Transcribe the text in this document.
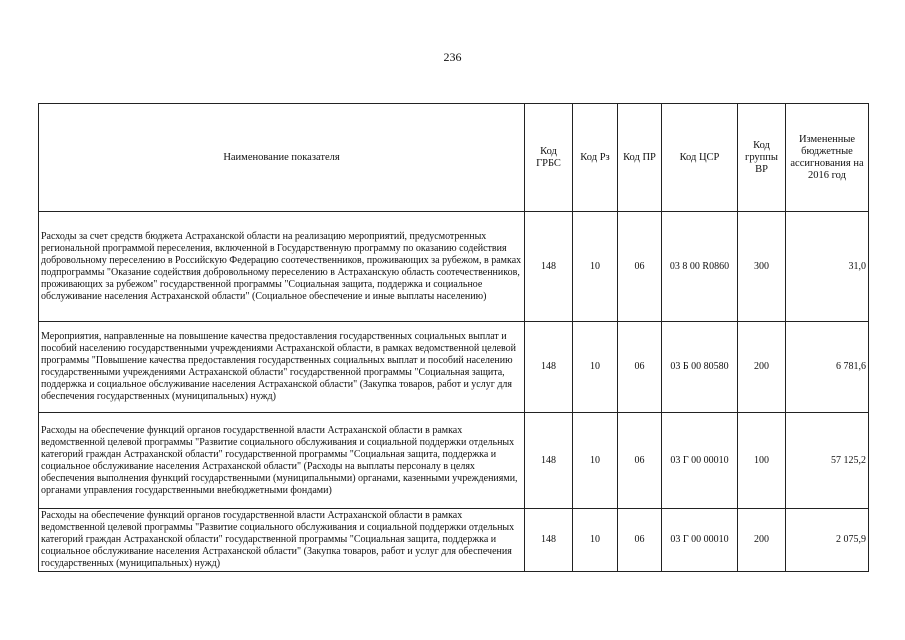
236
Наименование показателя	Код ГРБС	Код Рз	Код ПР	Код ЦСР	Код группы ВР	Измененные бюджетные ассигнования на 2016 год
Расходы за счет средств бюджета Астраханской области на реализацию мероприятий, предусмотренных региональной программой переселения, включенной в Государственную программу по оказанию содействия добровольному переселению в Российскую Федерацию соотечественников, проживающих за рубежом, в рамках подпрограммы "Оказание содействия добровольному переселению в Астраханскую область соотечественников, проживающих за рубежом" государственной программы "Социальная защита, поддержка и социальное обслуживание населения Астраханской области" (Социальное обеспечение и иные выплаты населению)	148	10	06	03 8 00 R0860	300	31,0
Мероприятия, направленные на повышение качества предоставления государственных социальных выплат и пособий населению государственными учреждениями Астраханской области, в рамках ведомственной целевой программы "Повышение качества предоставления государственных социальных выплат и пособий населению государственными учреждениями Астраханской области" государственной программы "Социальная защита, поддержка и социальное обслуживание населения Астраханской области" (Закупка товаров, работ и услуг для обеспечения государственных (муниципальных) нужд)	148	10	06	03 Б 00 80580	200	6 781,6
Расходы на обеспечение функций органов государственной власти Астраханской области в рамках ведомственной целевой программы "Развитие социального обслуживания и социальной поддержки отдельных категорий граждан Астраханской области" государственной программы "Социальная защита, поддержка и социальное обслуживание населения Астраханской области" (Расходы на выплаты персоналу в целях обеспечения выполнения функций государственными (муниципальными) органами, казенными учреждениями, органами управления государственными внебюджетными фондами)	148	10	06	03 Г 00 00010	100	57 125,2
Расходы на обеспечение функций органов государственной власти Астраханской области в рамках ведомственной целевой программы "Развитие социального обслуживания и социальной поддержки отдельных категорий граждан Астраханской области" государственной программы "Социальная защита, поддержка и социальное обслуживание населения Астраханской области" (Закупка товаров, работ и услуг для обеспечения государственных (муниципальных) нужд)	148	10	06	03 Г 00 00010	200	2 075,9
